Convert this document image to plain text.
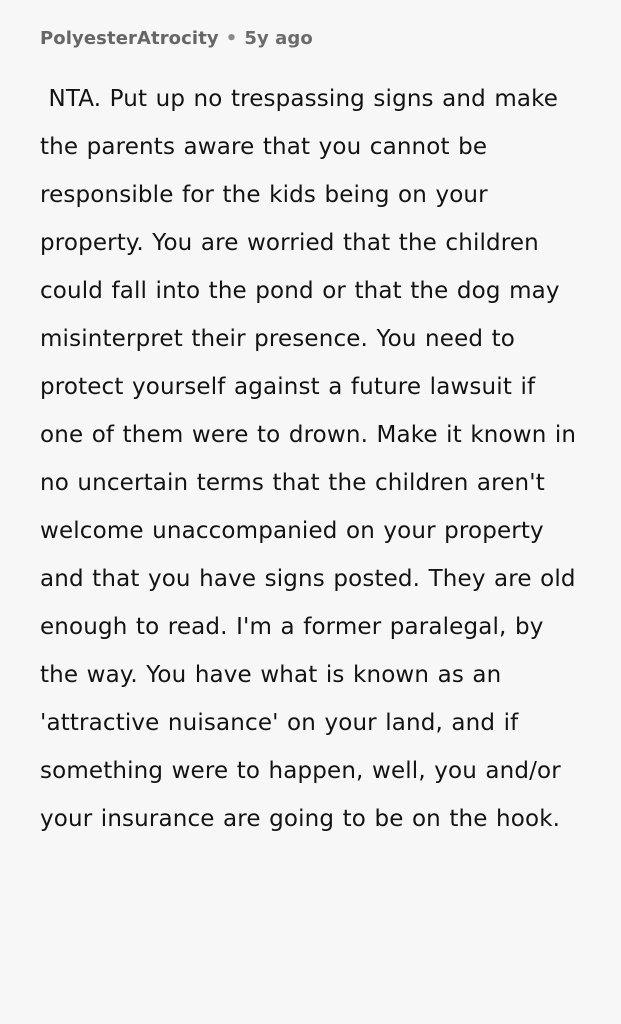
PolyesterAtrocity • 5y ago
NTA. Put up no trespassing signs and make the parents aware that you cannot be responsible for the kids being on your property. You are worried that the children could fall into the pond or that the dog may misinterpret their presence. You need to protect yourself against a future lawsuit if one of them were to drown. Make it known in no uncertain terms that the children aren't welcome unaccompanied on your property and that you have signs posted. They are old enough to read. I'm a former paralegal, by the way. You have what is known as an 'attractive nuisance' on your land, and if something were to happen, well, you and/or your insurance are going to be on the hook.
